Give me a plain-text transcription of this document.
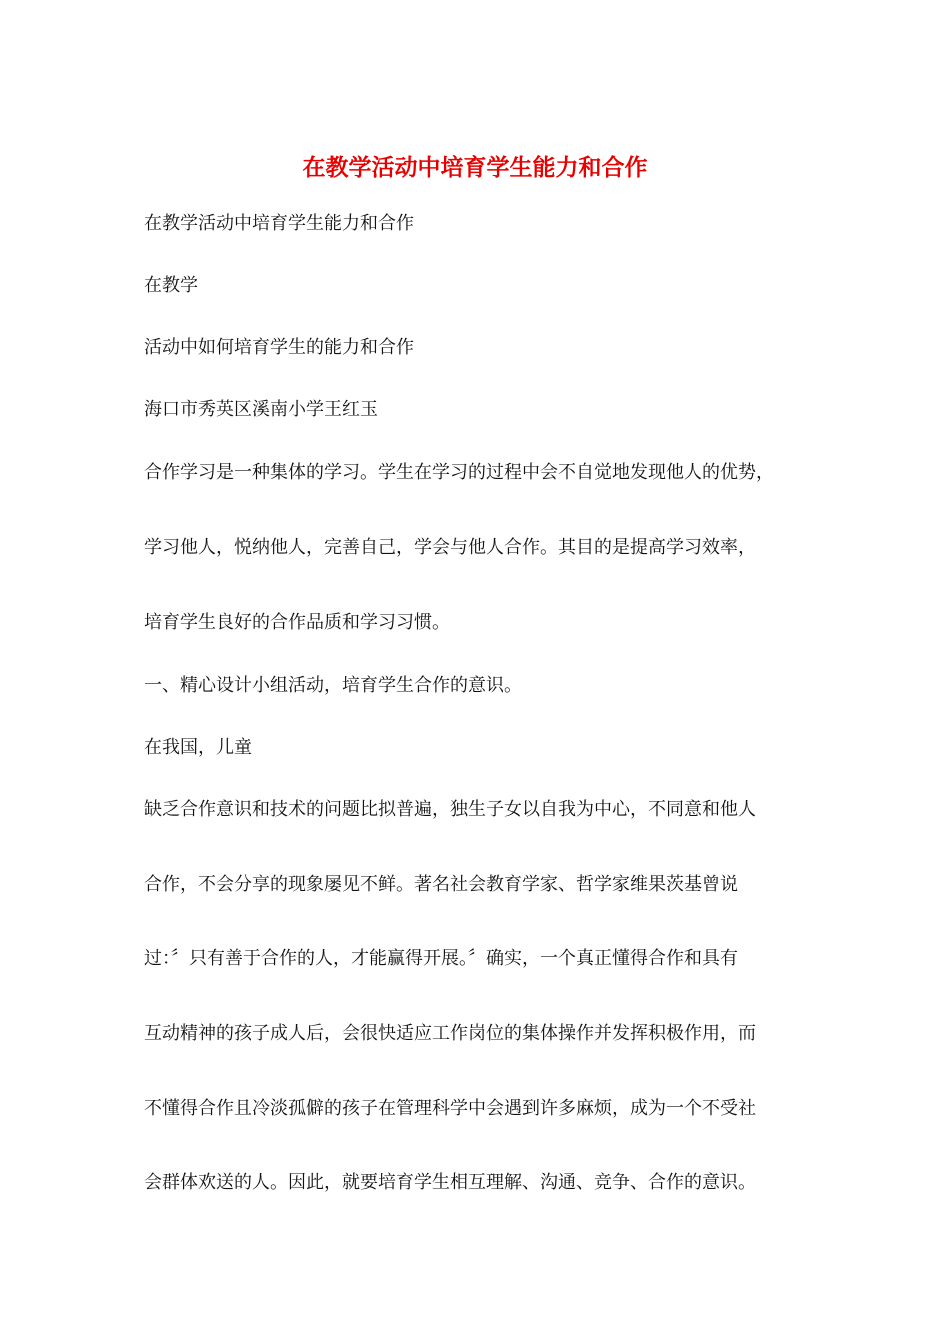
在教学活动中培育学生能力和合作
在教学活动中培育学生能力和合作
在教学
活动中如何培育学生的能力和合作
海口市秀英区溪南小学王红玉
合作学习是一种集体的学习。学生在学习的过程中会不自觉地发现他人的优势，
学习他人，悦纳他人，完善自己，学会与他人合作。其目的是提高学习效率，
培育学生良好的合作品质和学习习惯。
一、精心设计小组活动，培育学生合作的意识。
在我国，儿童
缺乏合作意识和技术的问题比拟普遍，独生子女以自我为中心，不同意和他人
合作，不会分享的现象屡见不鲜。著名社会教育学家、哲学家维果茨基曾说
过：〞只有善于合作的人，才能赢得开展。〞确实，一个真正懂得合作和具有
互动精神的孩子成人后，会很快适应工作岗位的集体操作并发挥积极作用，而
不懂得合作且冷淡孤僻的孩子在管理科学中会遇到许多麻烦，成为一个不受社
会群体欢送的人。因此，就要培育学生相互理解、沟通、竞争、合作的意识。
